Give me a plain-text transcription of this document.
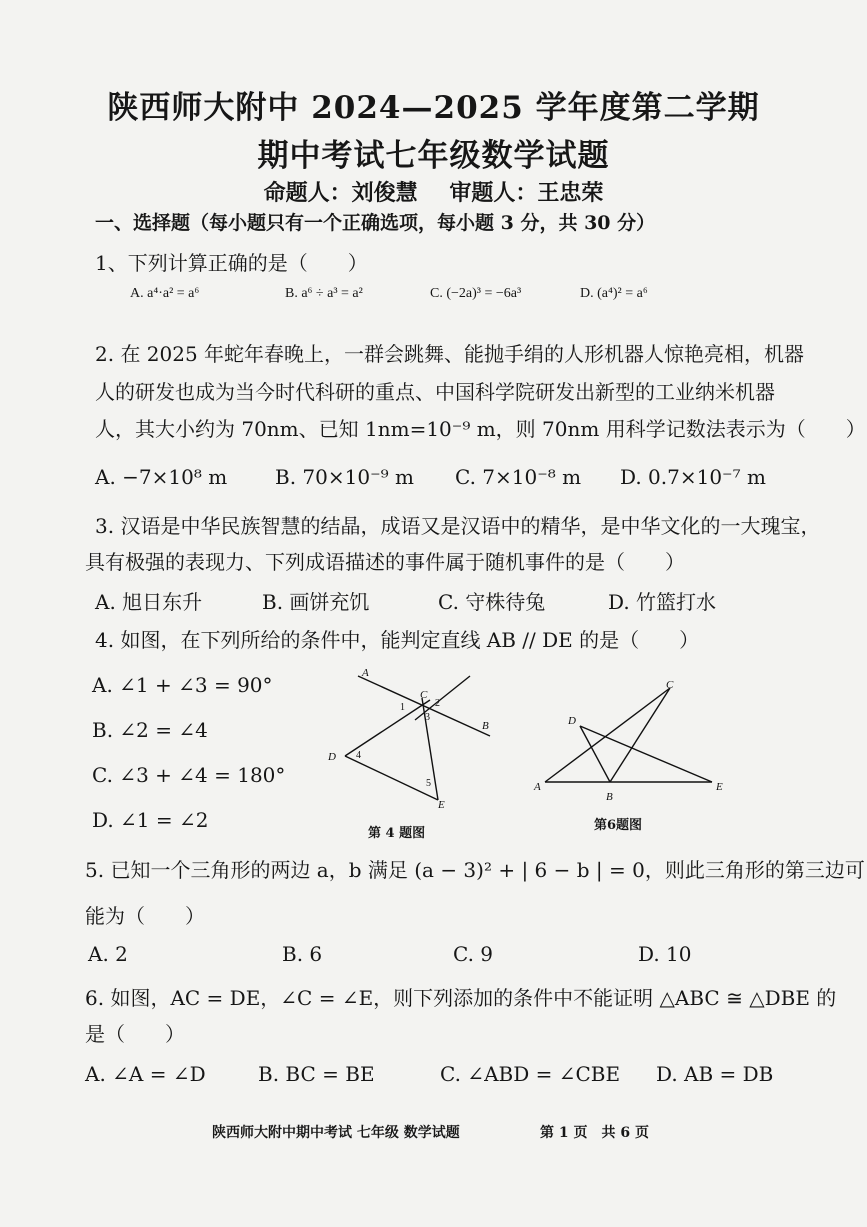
陕西师大附中 2024—2025 学年度第二学期
期中考试七年级数学试题
命题人：刘俊慧 审题人：王忠荣
一、选择题（每小题只有一个正确选项，每小题 3 分，共 30 分）
1、下列计算正确的是（　　）
A. a⁴·a² = a⁶	B. a⁶ ÷ a³ = a²	C. (−2a)³ = −6a³	D. (a⁴)² = a⁶
2. 在 2025 年蛇年春晚上，一群会跳舞、能抛手绢的人形机器人惊艳亮相，机器
人的研发也成为当今时代科研的重点、中国科学院研发出新型的工业纳米机器
人，其大小约为 70nm、已知 1nm=10⁻⁹ m，则 70nm 用科学记数法表示为（　　）
A. −7×10⁸ m B. 70×10⁻⁹ m C. 7×10⁻⁸ m D. 0.7×10⁻⁷ m
3. 汉语是中华民族智慧的结晶，成语又是汉语中的精华，是中华文化的一大瑰宝，
具有极强的表现力、下列成语描述的事件属于随机事件的是（　　）
A. 旭日东升	B. 画饼充饥	C. 守株待兔	D. 竹篮打水
4. 如图，在下列所给的条件中，能判定直线 AB // DE 的是（　　）
A. ∠1 + ∠3 = 90°
B. ∠2 = ∠4
C. ∠3 + ∠4 = 180°
D. ∠1 = ∠2
A
B
C
D
E
1	2
3
4
5
第 4 题图
A
B
C
D
E
第6题图
5. 已知一个三角形的两边 a，b 满足 (a − 3)² + | 6 − b | = 0，则此三角形的第三边可
能为（　　）
A. 2	B. 6	C. 9	D. 10
6. 如图，AC = DE，∠C = ∠E，则下列添加的条件中不能证明 △ABC ≅ △DBE 的
是（　　）
A. ∠A = ∠D	B. BC = BE	C. ∠ABD = ∠CBE D. AB = DB
陕西师大附中期中考试 七年级 数学试题	第 1 页　共 6 页
